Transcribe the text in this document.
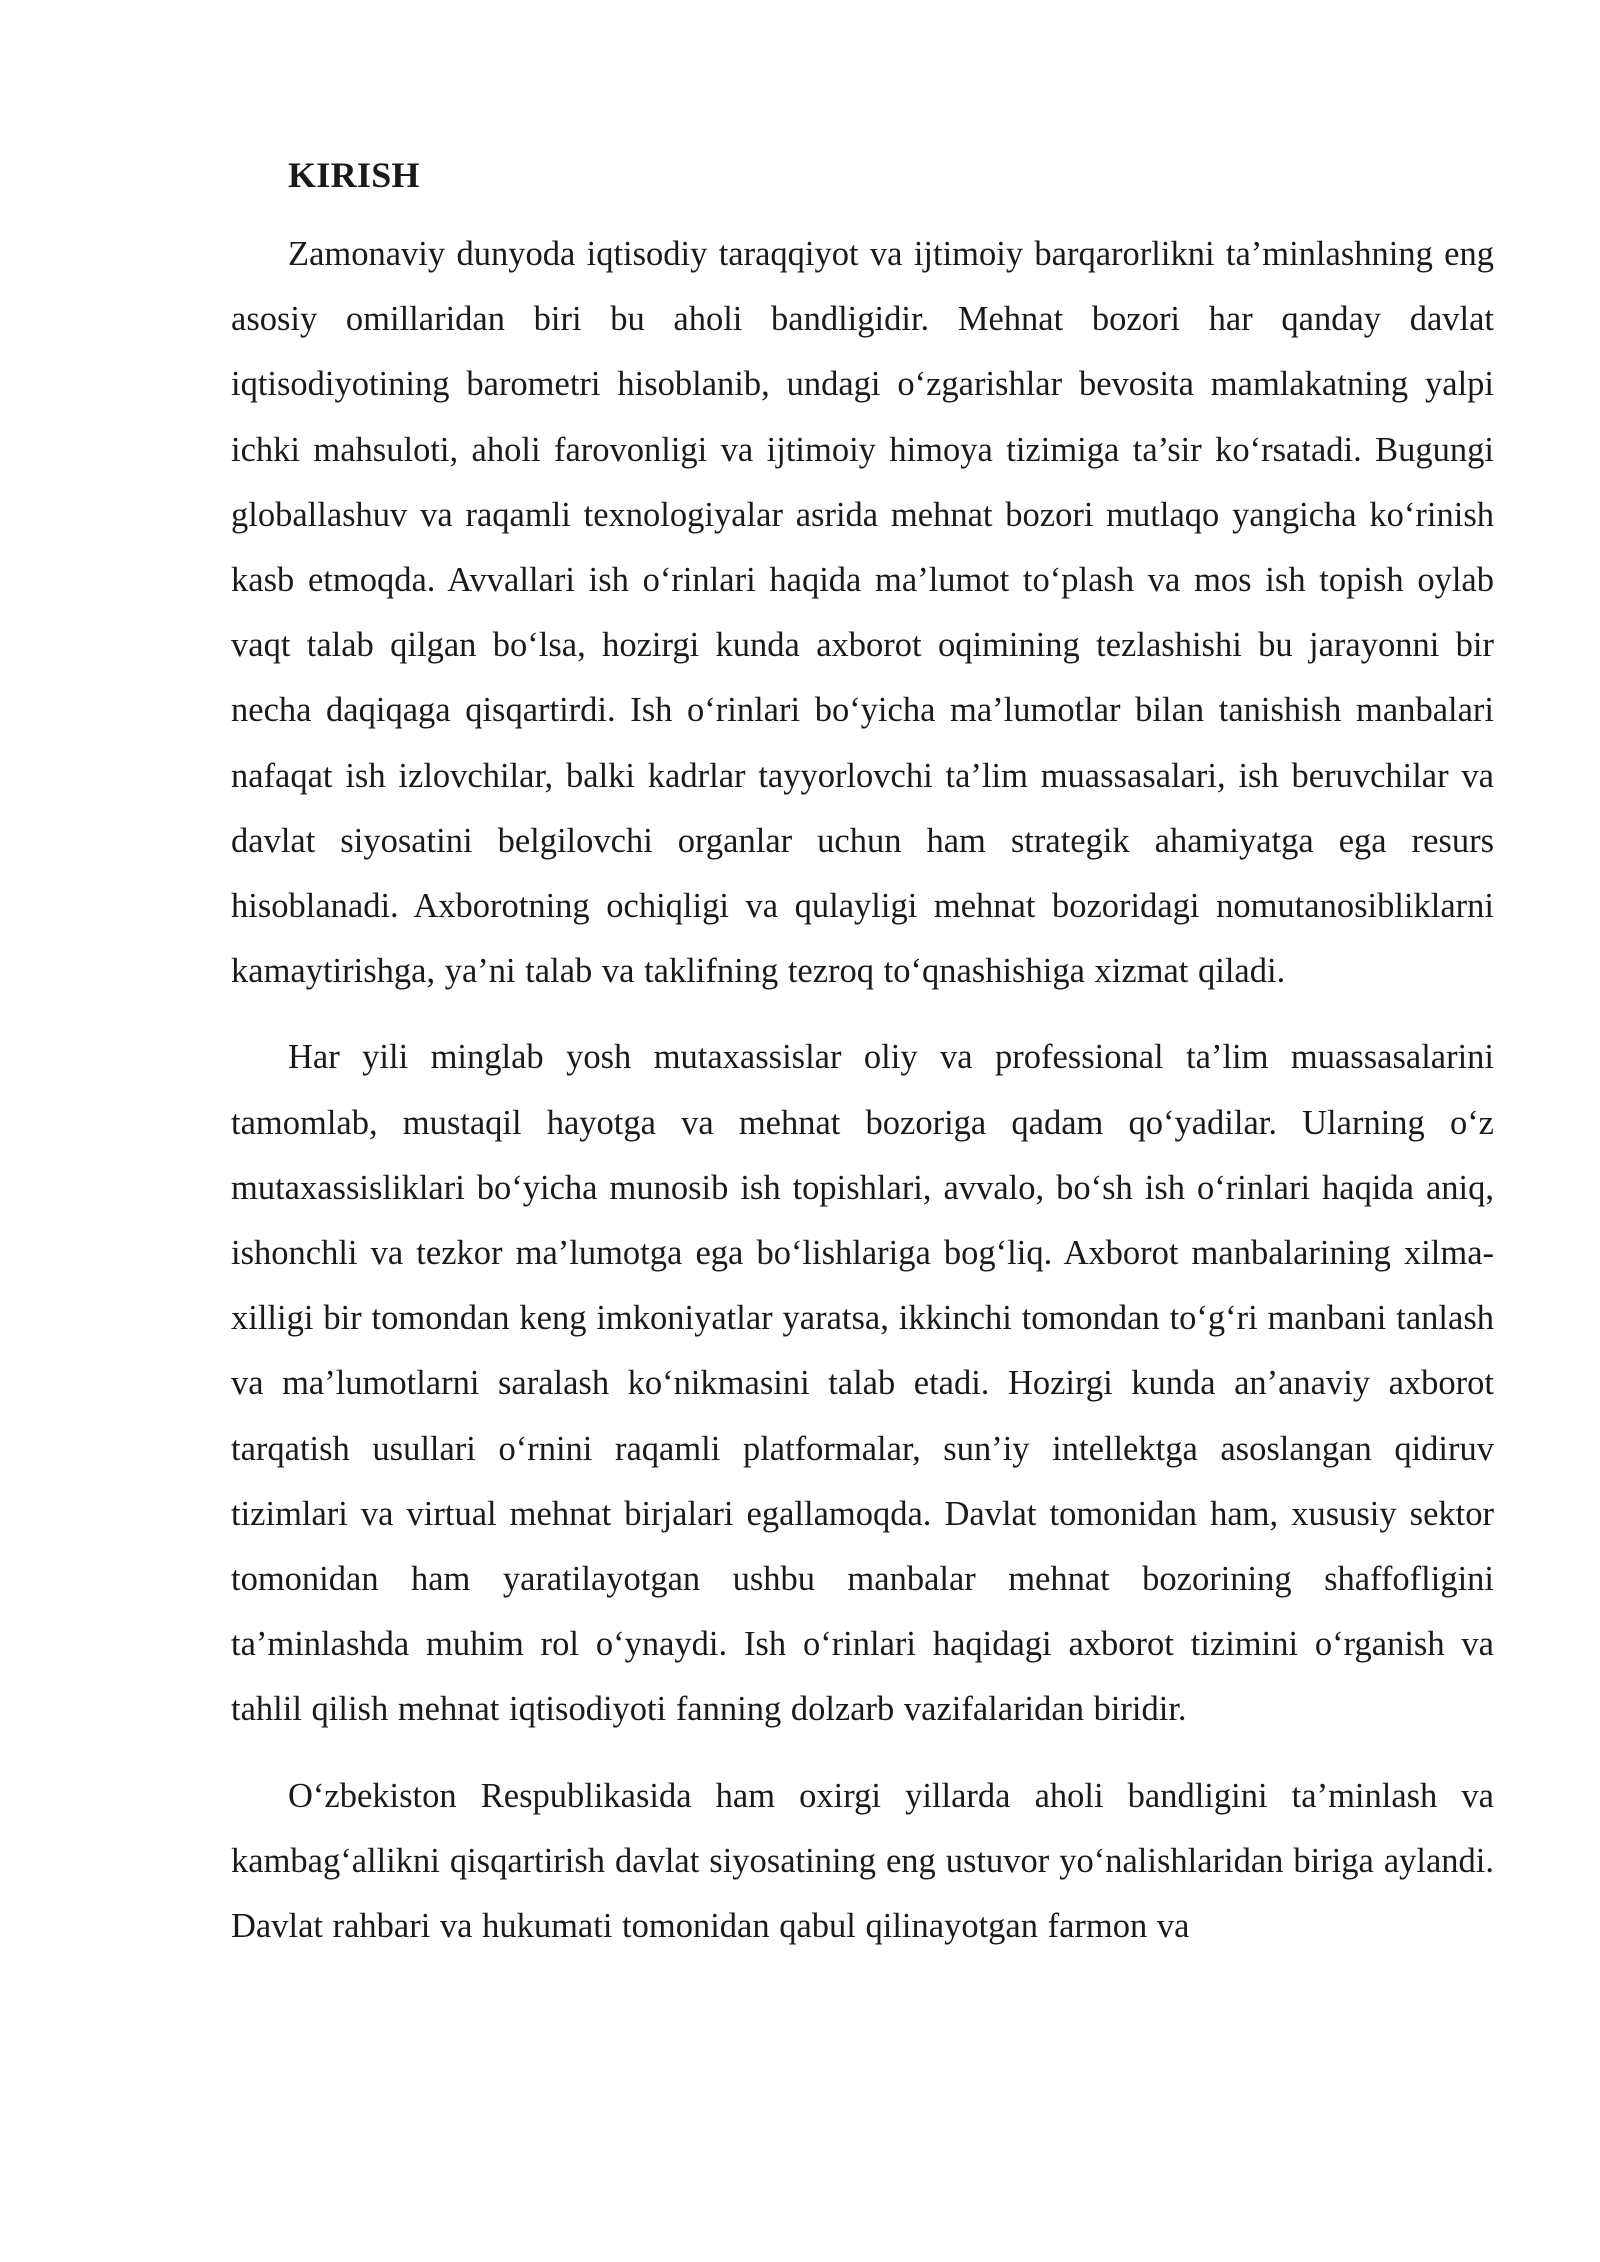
KIRISH

Zamonaviy dunyoda iqtisodiy taraqqiyot va ijtimoiy barqarorlikni ta’minlashning eng asosiy omillaridan biri bu aholi bandligidir. Mehnat bozori har qanday davlat iqtisodiyotining barometri hisoblanib, undagi o‘zgarishlar bevosita mamlakatning yalpi ichki mahsuloti, aholi farovonligi va ijtimoiy himoya tizimiga ta’sir ko‘rsatadi. Bugungi globallashuv va raqamli texnologiyalar asrida mehnat bozori mutlaqo yangicha ko‘rinish kasb etmoqda. Avvallari ish o‘rinlari haqida ma’lumot to‘plash va mos ish topish oylab vaqt talab qilgan bo‘lsa, hozirgi kunda axborot oqimining tezlashishi bu jarayonni bir necha daqiqaga qisqartirdi. Ish o‘rinlari bo‘yicha ma’lumotlar bilan tanishish manbalari nafaqat ish izlovchilar, balki kadrlar tayyorlovchi ta’lim muassasalari, ish beruvchilar va davlat siyosatini belgilovchi organlar uchun ham strategik ahamiyatga ega resurs hisoblanadi. Axborotning ochiqligi va qulayligi mehnat bozoridagi nomutanosibliklarni kamaytirishga, ya’ni talab va taklifning tezroq to‘qnashishiga xizmat qiladi.

Har yili minglab yosh mutaxassislar oliy va professional ta’lim muassasalarini tamomlab, mustaqil hayotga va mehnat bozoriga qadam qo‘yadilar. Ularning o‘z mutaxassisliklari bo‘yicha munosib ish topishlari, avvalo, bo‘sh ish o‘rinlari haqida aniq, ishonchli va tezkor ma’lumotga ega bo‘lishlariga bog‘liq. Axborot manbalarining xilma-xilligi bir tomondan keng imkoniyatlar yaratsa, ikkinchi tomondan to‘g‘ri manbani tanlash va ma’lumotlarni saralash ko‘nikmasini talab etadi. Hozirgi kunda an’anaviy axborot tarqatish usullari o‘rnini raqamli platformalar, sun’iy intellektga asoslangan qidiruv tizimlari va virtual mehnat birjalari egallamoqda. Davlat tomonidan ham, xususiy sektor tomonidan ham yaratilayotgan ushbu manbalar mehnat bozorining shaffofligini ta’minlashda muhim rol o‘ynaydi. Ish o‘rinlari haqidagi axborot tizimini o‘rganish va tahlil qilish mehnat iqtisodiyoti fanning dolzarb vazifalaridan biridir.

O‘zbekiston Respublikasida ham oxirgi yillarda aholi bandligini ta’minlash va kambag‘allikni qisqartirish davlat siyosatining eng ustuvor yo‘nalishlaridan biriga aylandi. Davlat rahbari va hukumati tomonidan qabul qilinayotgan farmon va
